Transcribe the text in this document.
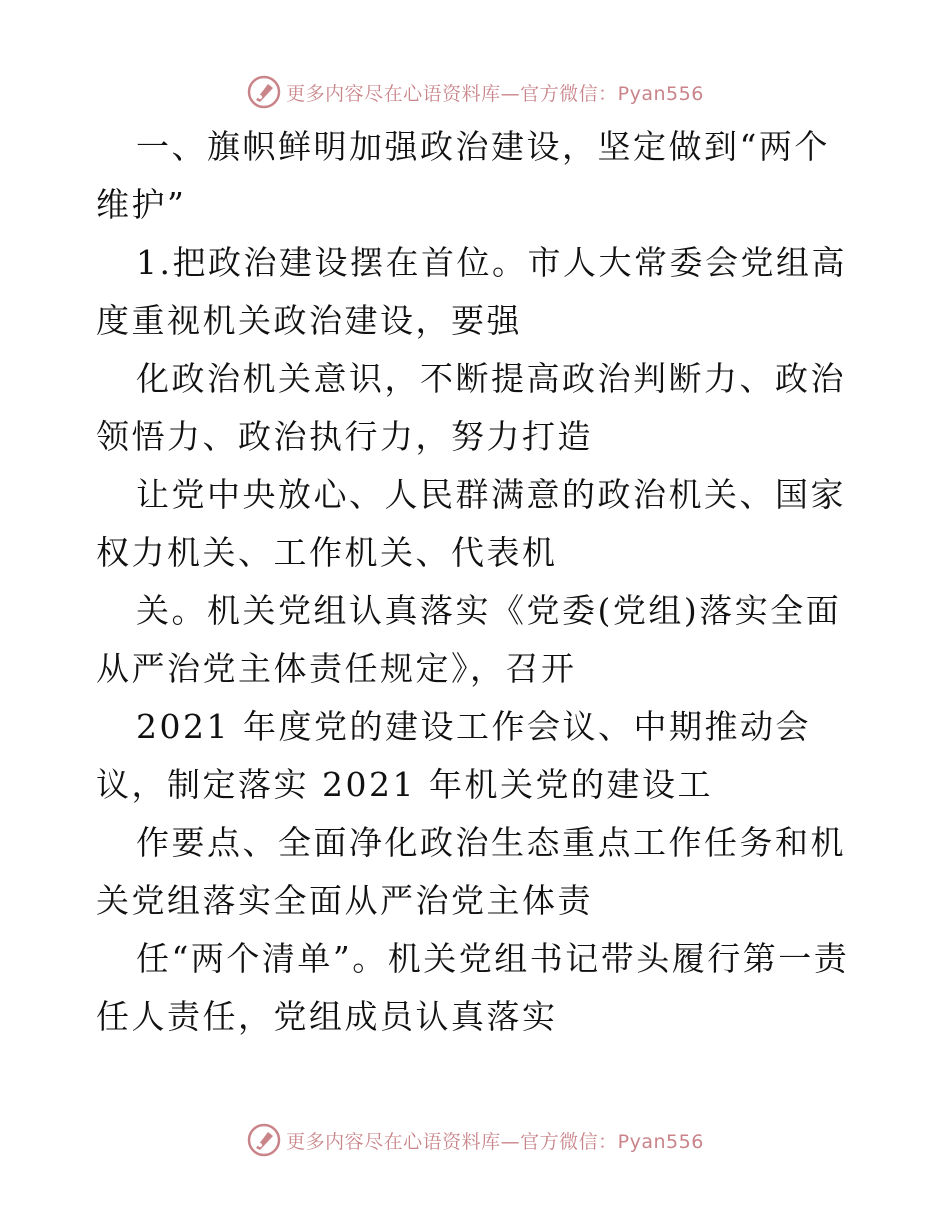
更多内容尽在心语资料库—官方微信：Pyan556

一、旗帜鲜明加强政治建设，坚定做到“两个维护”

1.把政治建设摆在首位。市人大常委会党组高度重视机关政治建设，要强

化政治机关意识，不断提高政治判断力、政治领悟力、政治执行力，努力打造

让党中央放心、人民群满意的政治机关、国家权力机关、工作机关、代表机

关。机关党组认真落实《党委(党组)落实全面从严治党主体责任规定》，召开

2021 年度党的建设工作会议、中期推动会议，制定落实 2021 年机关党的建设工

作要点、全面净化政治生态重点工作任务和机关党组落实全面从严治党主体责

任“两个清单”。机关党组书记带头履行第一责任人责任，党组成员认真落实

更多内容尽在心语资料库—官方微信：Pyan556
